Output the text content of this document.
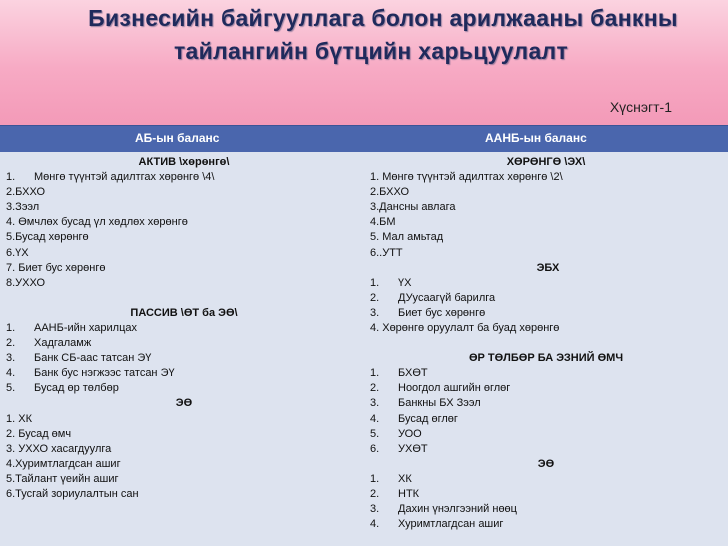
Бизнесийн байгууллага болон арилжааны банкны
тайлангийн бүтцийн харьцуулалт
Хүснэгт-1
АБ-ын баланс	ААНБ-ын баланс
АКТИВ \хөрөнгө\
1. Мөнгө түүнтэй адилтгах хөрөнгө \4\
2.БХХО
3.Зээл
4. Өмчлөх бусад үл хөдлөх хөрөнгө
5.Бусад хөрөнгө
6.ҮХ
7. Биет бус хөрөнгө
8.УХХО
ПАССИВ \ӨТ ба ЭӨ\
1. ААНБ-ийн харилцах
2. Хадгаламж
3. Банк СБ-аас татсан ЭҮ
4. Банк бус нэгжээс татсан ЭҮ
5. Бусад өр төлбөр
ЭӨ
1. ХК
2. Бусад өмч
3. УХХО хасагдуулга
4.Хуримтлагдсан ашиг
5.Тайлант үеийн ашиг
6.Тусгай зориулалтын сан
ХӨРӨНГӨ \ЭХ\
1. Мөнгө түүнтэй адилтгах хөрөнгө \2\
2.БХХО
3.Дансны авлага
4.БМ
5. Мал амьтад
6..УТТ
ЭБХ
1. ҮХ
2. ДУусаагүй барилга
3. Биет бус хөрөнгө
4. Хөрөнгө оруулалт ба буад хөрөнгө
ӨР ТӨЛБӨР БА ЭЗНИЙ ӨМЧ
1. БХӨТ
2. Ноогдол ашгийн өглөг
3. Банкны БХ Зээл
4. Бусад өглөг
5. УОО
6. УХӨТ
ЭӨ
1. ХК
2. НТК
3. Дахин үнэлгээний нөөц
4. Хуримтлагдсан ашиг
